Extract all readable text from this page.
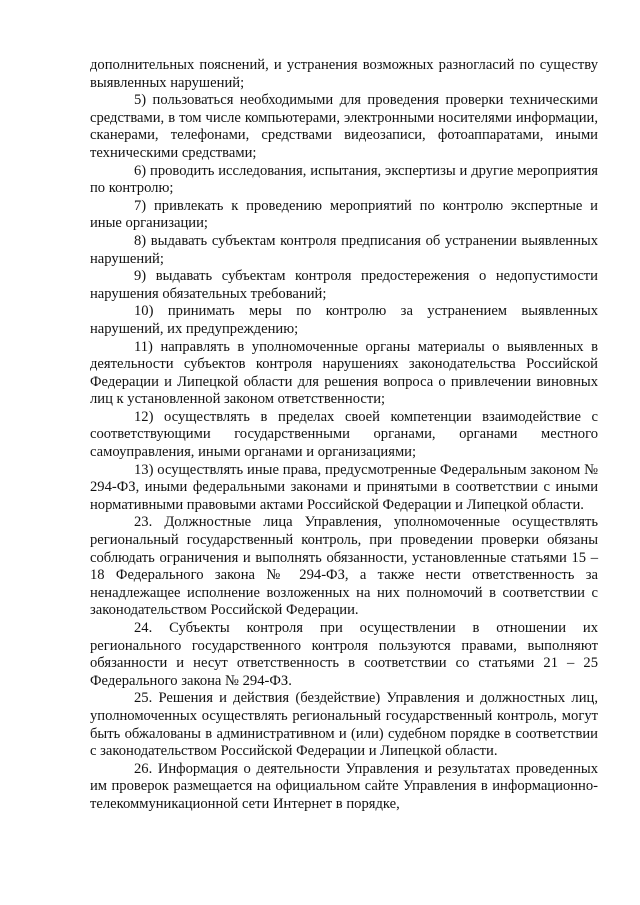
дополнительных пояснений, и устранения возможных разногласий по существу выявленных нарушений;

5) пользоваться необходимыми для проведения проверки техническими средствами, в том числе компьютерами, электронными носителями информации, сканерами, телефонами, средствами видеозаписи, фотоаппаратами, иными техническими средствами;

6) проводить исследования, испытания, экспертизы и другие мероприятия по контролю;

7) привлекать к проведению мероприятий по контролю экспертные и иные организации;

8) выдавать субъектам контроля предписания об устранении выявленных нарушений;

9) выдавать субъектам контроля предостережения о недопустимости нарушения обязательных требований;

10) принимать меры по контролю за устранением выявленных нарушений, их предупреждению;

11) направлять в уполномоченные органы материалы о выявленных в деятельности субъектов контроля нарушениях законодательства Российской Федерации и Липецкой области для решения вопроса о привлечении виновных лиц к установленной законом ответственности;

12) осуществлять в пределах своей компетенции взаимодействие с соответствующими государственными органами, органами местного самоуправления, иными органами и организациями;

13) осуществлять иные права, предусмотренные Федеральным законом № 294-ФЗ, иными федеральными законами и принятыми в соответствии с иными нормативными правовыми актами Российской Федерации и Липецкой области.

23. Должностные лица Управления, уполномоченные осуществлять региональный государственный контроль, при проведении проверки обязаны соблюдать ограничения и выполнять обязанности, установленные статьями 15 – 18 Федерального закона № 294-ФЗ, а также нести ответственность за ненадлежащее исполнение возложенных на них полномочий в соответствии с законодательством Российской Федерации.

24. Субъекты контроля при осуществлении в отношении их регионального государственного контроля пользуются правами, выполняют обязанности и несут ответственность в соответствии со статьями 21 – 25 Федерального закона № 294-ФЗ.

25. Решения и действия (бездействие) Управления и должностных лиц, уполномоченных осуществлять региональный государственный контроль, могут быть обжалованы в административном и (или) судебном порядке в соответствии с законодательством Российской Федерации и Липецкой области.

26. Информация о деятельности Управления и результатах проведенных им проверок размещается на официальном сайте Управления в информационно-телекоммуникационной сети Интернет в порядке,
